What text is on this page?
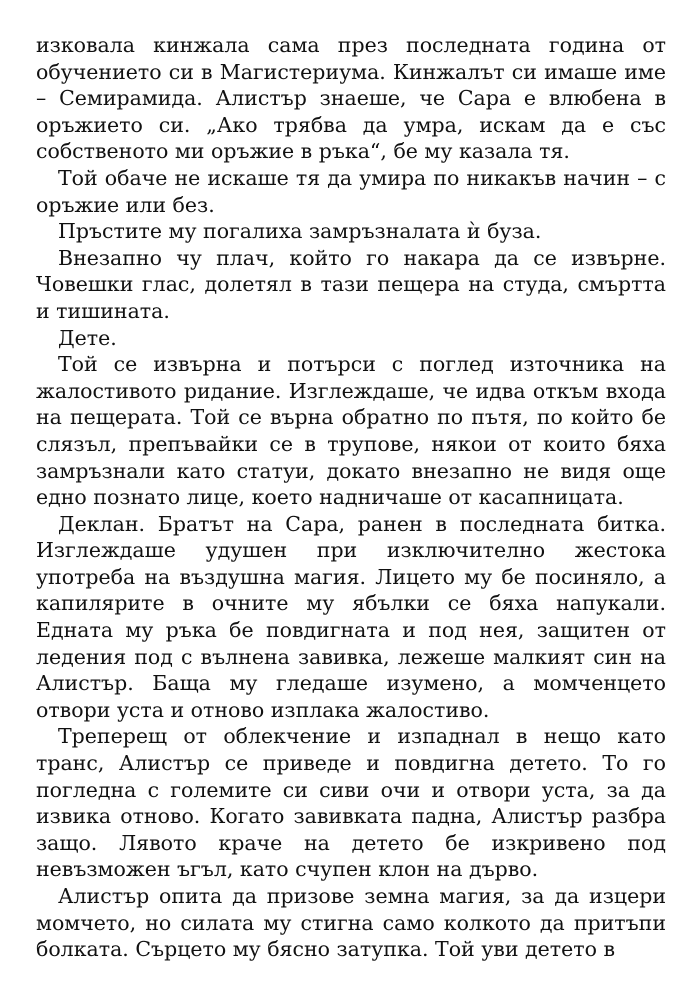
изковала кинжала сама през последната година от обучението си в Магистериума. Кинжалът си имаше име – Семирамида. Алистър знаеше, че Сара е влюбена в оръжието си. „Ако трябва да умра, искам да е със собственото ми оръжие в ръка“, бе му казала тя.

Той обаче не искаше тя да умира по никакъв начин – с оръжие или без.

Пръстите му погалиха замръзналата ѝ буза.

Внезапно чу плач, който го накара да се извърне. Човешки глас, долетял в тази пещера на студа, смъртта и тишината.

Дете.

Той се извърна и потърси с поглед източника на жалостивото ридание. Изглеждаше, че идва откъм входа на пещерата. Той се върна обратно по пътя, по който бе слязъл, препъвайки се в трупове, някои от които бяха замръзнали като статуи, докато внезапно не видя още едно познато лице, което надничаше от касапницата.

Деклан. Братът на Сара, ранен в последната битка. Изглеждаше удушен при изключително жестока употреба на въздушна магия. Лицето му бе посиняло, а капилярите в очните му ябълки се бяха напукали. Едната му ръка бе повдигната и под нея, защитен от ледения под с вълнена завивка, лежеше малкият син на Алистър. Баща му гледаше изумено, а момченцето отвори уста и отново изплака жалостиво.

Треперещ от облекчение и изпаднал в нещо като транс, Алистър се приведе и повдигна детето. То го погледна с големите си сиви очи и отвори уста, за да извика отново. Когато завивката падна, Алистър разбра защо. Лявото краче на детето бе изкривено под невъзможен ъгъл, като счупен клон на дърво.

Алистър опита да призове земна магия, за да изцери момчето, но силата му стигна само колкото да притъпи болката. Сърцето му бясно затупка. Той уви детето в
